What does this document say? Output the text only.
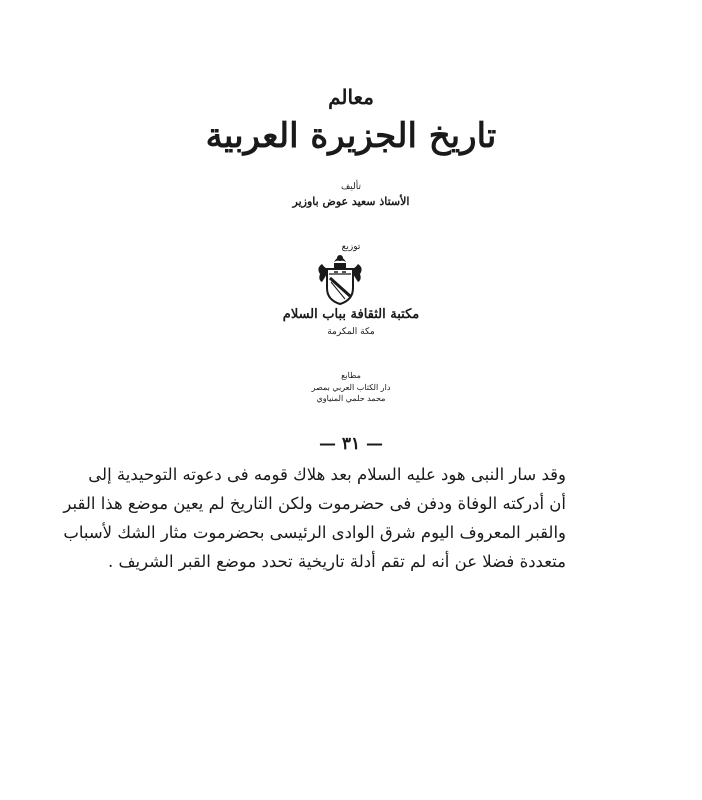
معالم
تاريخ الجزيرة العربية
تأليف
الأستاذ سعيد عوض باوزير
توزيع
مكتبة الثقافة بباب السلام
مكة المكرمة
مطابع
دار الكتاب العربي بمصر
محمد حلمي المنياوي
— ٣١ —
وقد سار النبى هود عليه السلام بعد هلاك قومه فى دعوته التوحيدية إلى
أن أدركته الوفاة ودفن فى حضرموت ولكن التاريخ لم يعين موضع هذا القبر
والقبر المعروف اليوم شرق الوادى الرئيسى بحضرموت مثار الشك لأسباب
متعددة فضلا عن أنه لم تقم أدلة تاريخية تحدد موضع القبر الشريف .
